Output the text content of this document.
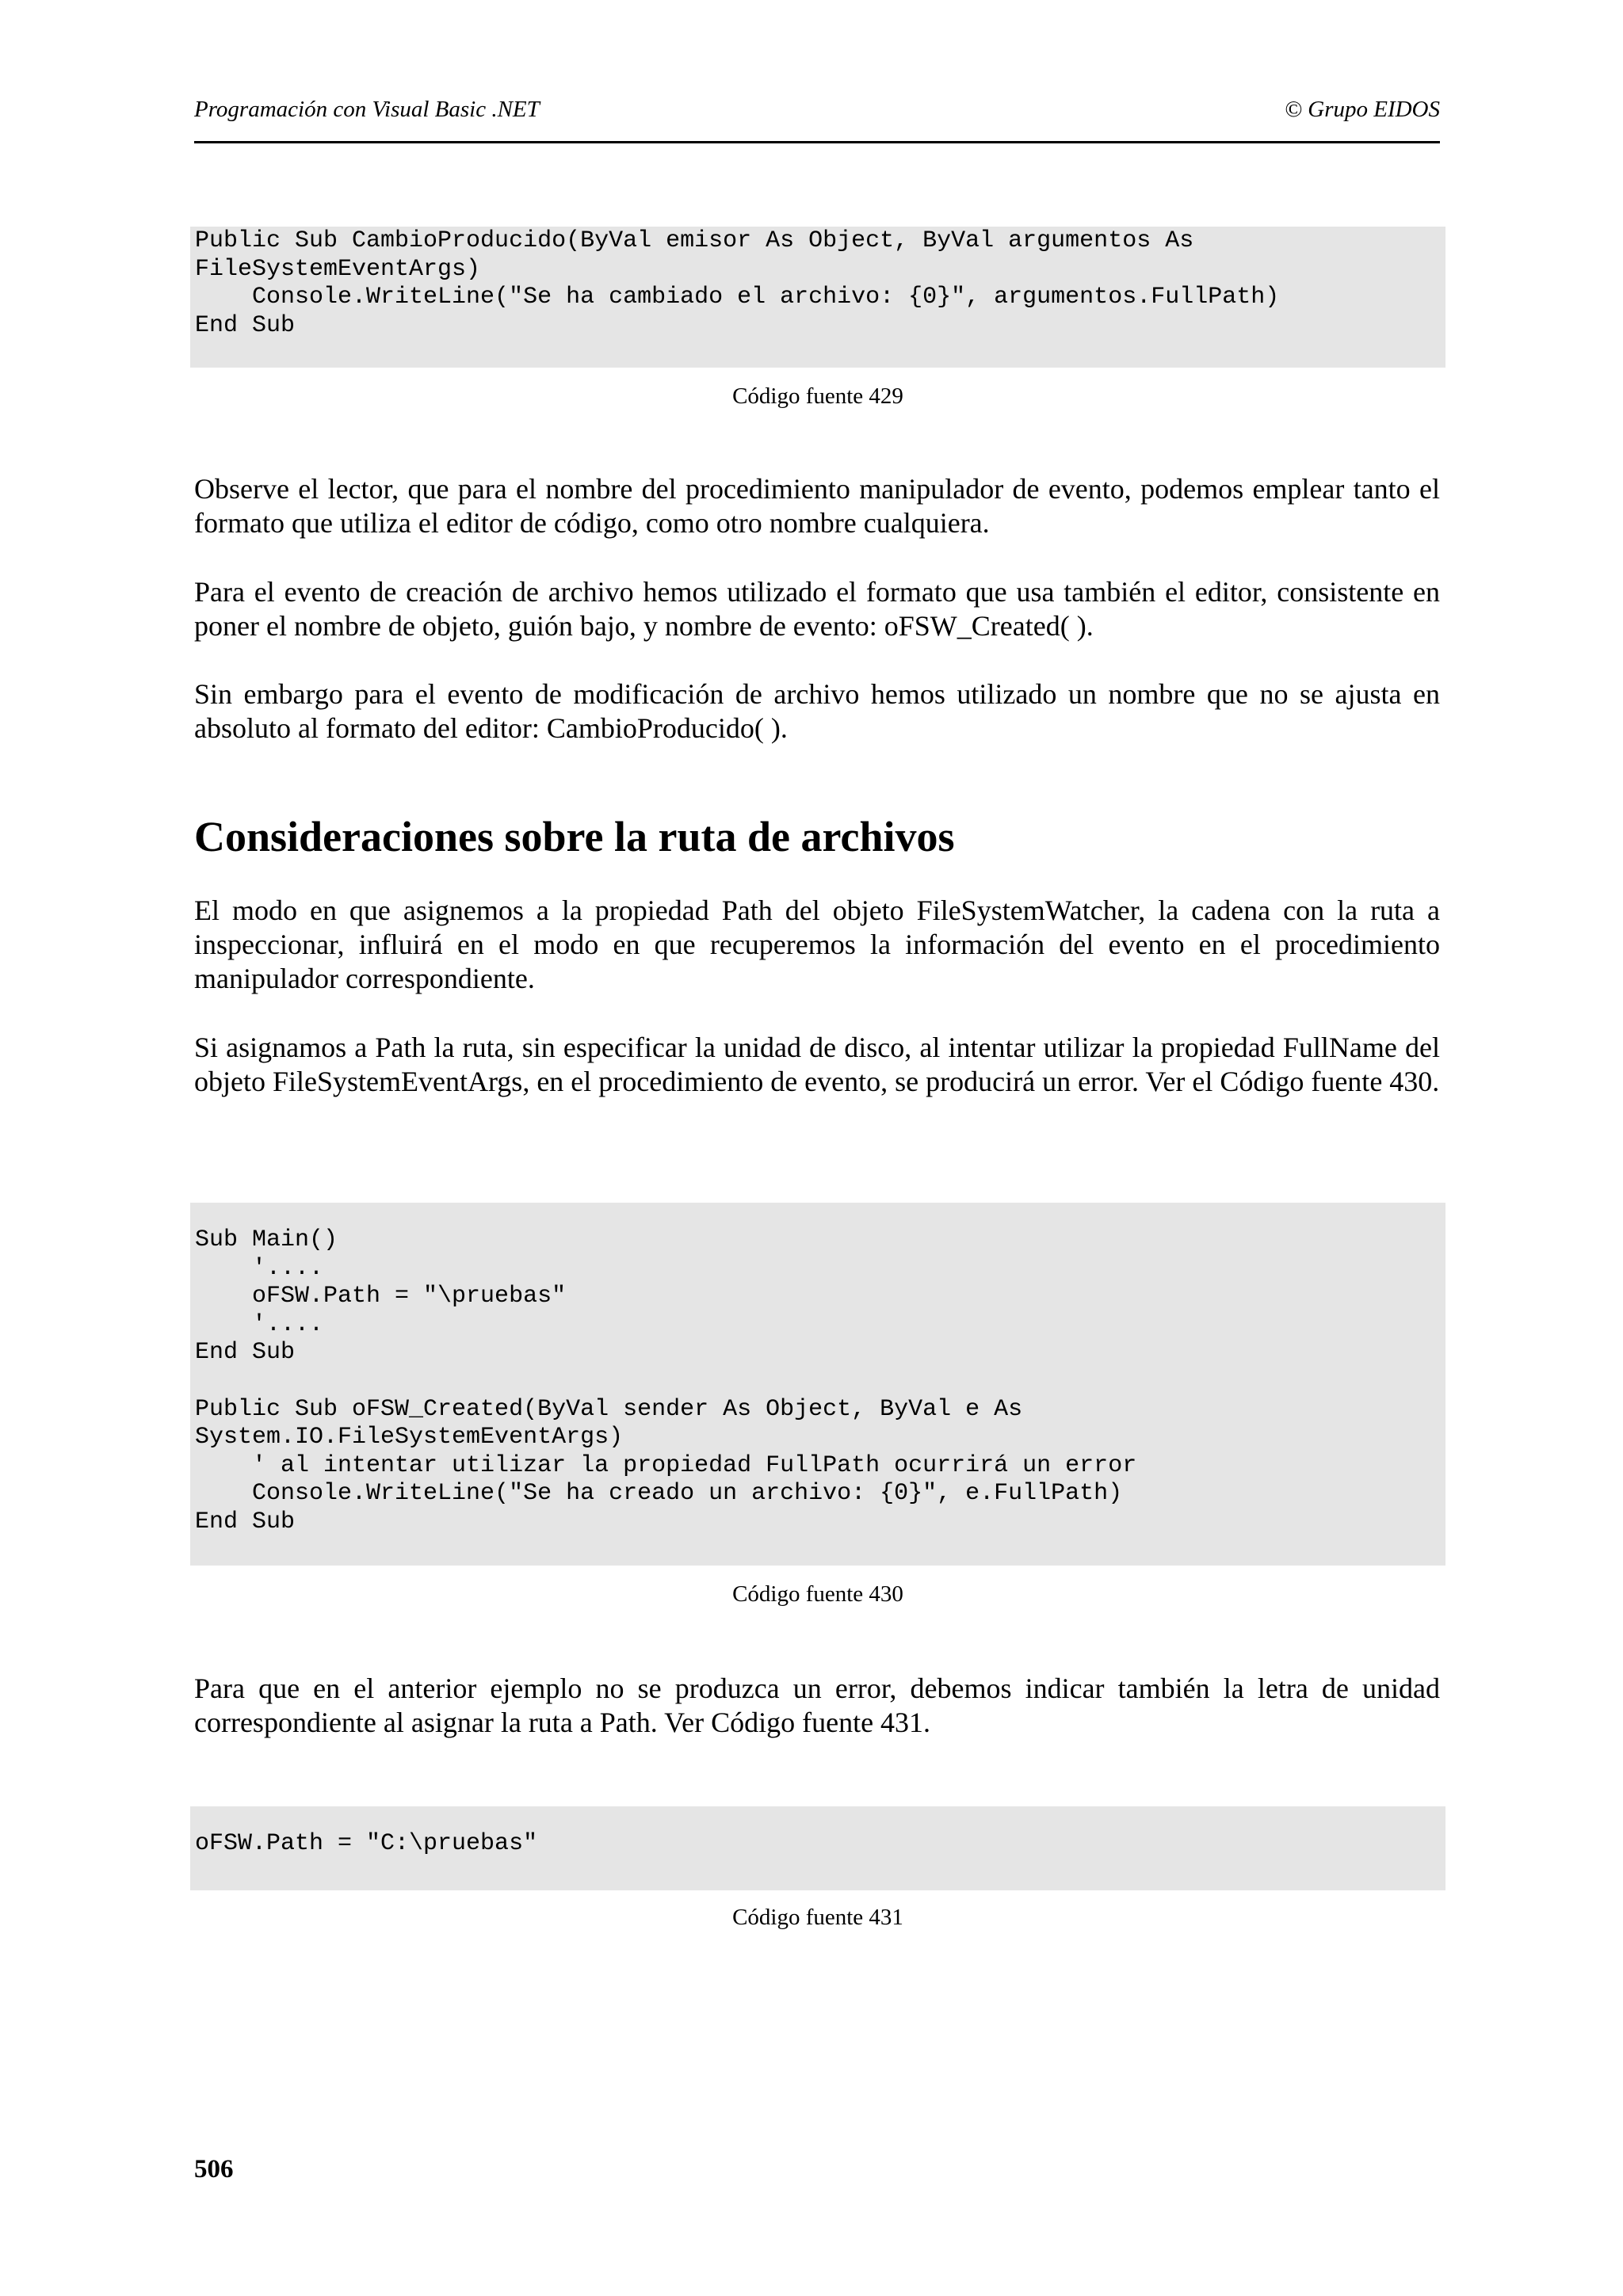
Programación con Visual Basic .NET	© Grupo EIDOS
Public Sub CambioProducido(ByVal emisor As Object, ByVal argumentos As
FileSystemEventArgs)
Console.WriteLine("Se ha cambiado el archivo: {0}", argumentos.FullPath)
End Sub
Código fuente 429

Observe el lector, que para el nombre del procedimiento manipulador de evento, podemos emplear tanto el formato que utiliza el editor de código, como otro nombre cualquiera.

Para el evento de creación de archivo hemos utilizado el formato que usa también el editor, consistente en poner el nombre de objeto, guión bajo, y nombre de evento: oFSW_Created( ).

Sin embargo para el evento de modificación de archivo hemos utilizado un nombre que no se ajusta en absoluto al formato del editor: CambioProducido( ).

Consideraciones sobre la ruta de archivos

El modo en que asignemos a la propiedad Path del objeto FileSystemWatcher, la cadena con la ruta a inspeccionar, influirá en el modo en que recuperemos la información del evento en el procedimiento manipulador correspondiente.

Si asignamos a Path la ruta, sin especificar la unidad de disco, al intentar utilizar la propiedad FullName del objeto FileSystemEventArgs, en el procedimiento de evento, se producirá un error. Ver el Código fuente 430.

Sub Main()
'....
oFSW.Path = "\pruebas"
'....
End Sub

Public Sub oFSW_Created(ByVal sender As Object, ByVal e As
System.IO.FileSystemEventArgs)
' al intentar utilizar la propiedad FullPath ocurrirá un error
Console.WriteLine("Se ha creado un archivo: {0}", e.FullPath)
End Sub
Código fuente 430

Para que en el anterior ejemplo no se produzca un error, debemos indicar también la letra de unidad correspondiente al asignar la ruta a Path. Ver Código fuente 431.

oFSW.Path = "C:\pruebas"
Código fuente 431
506
